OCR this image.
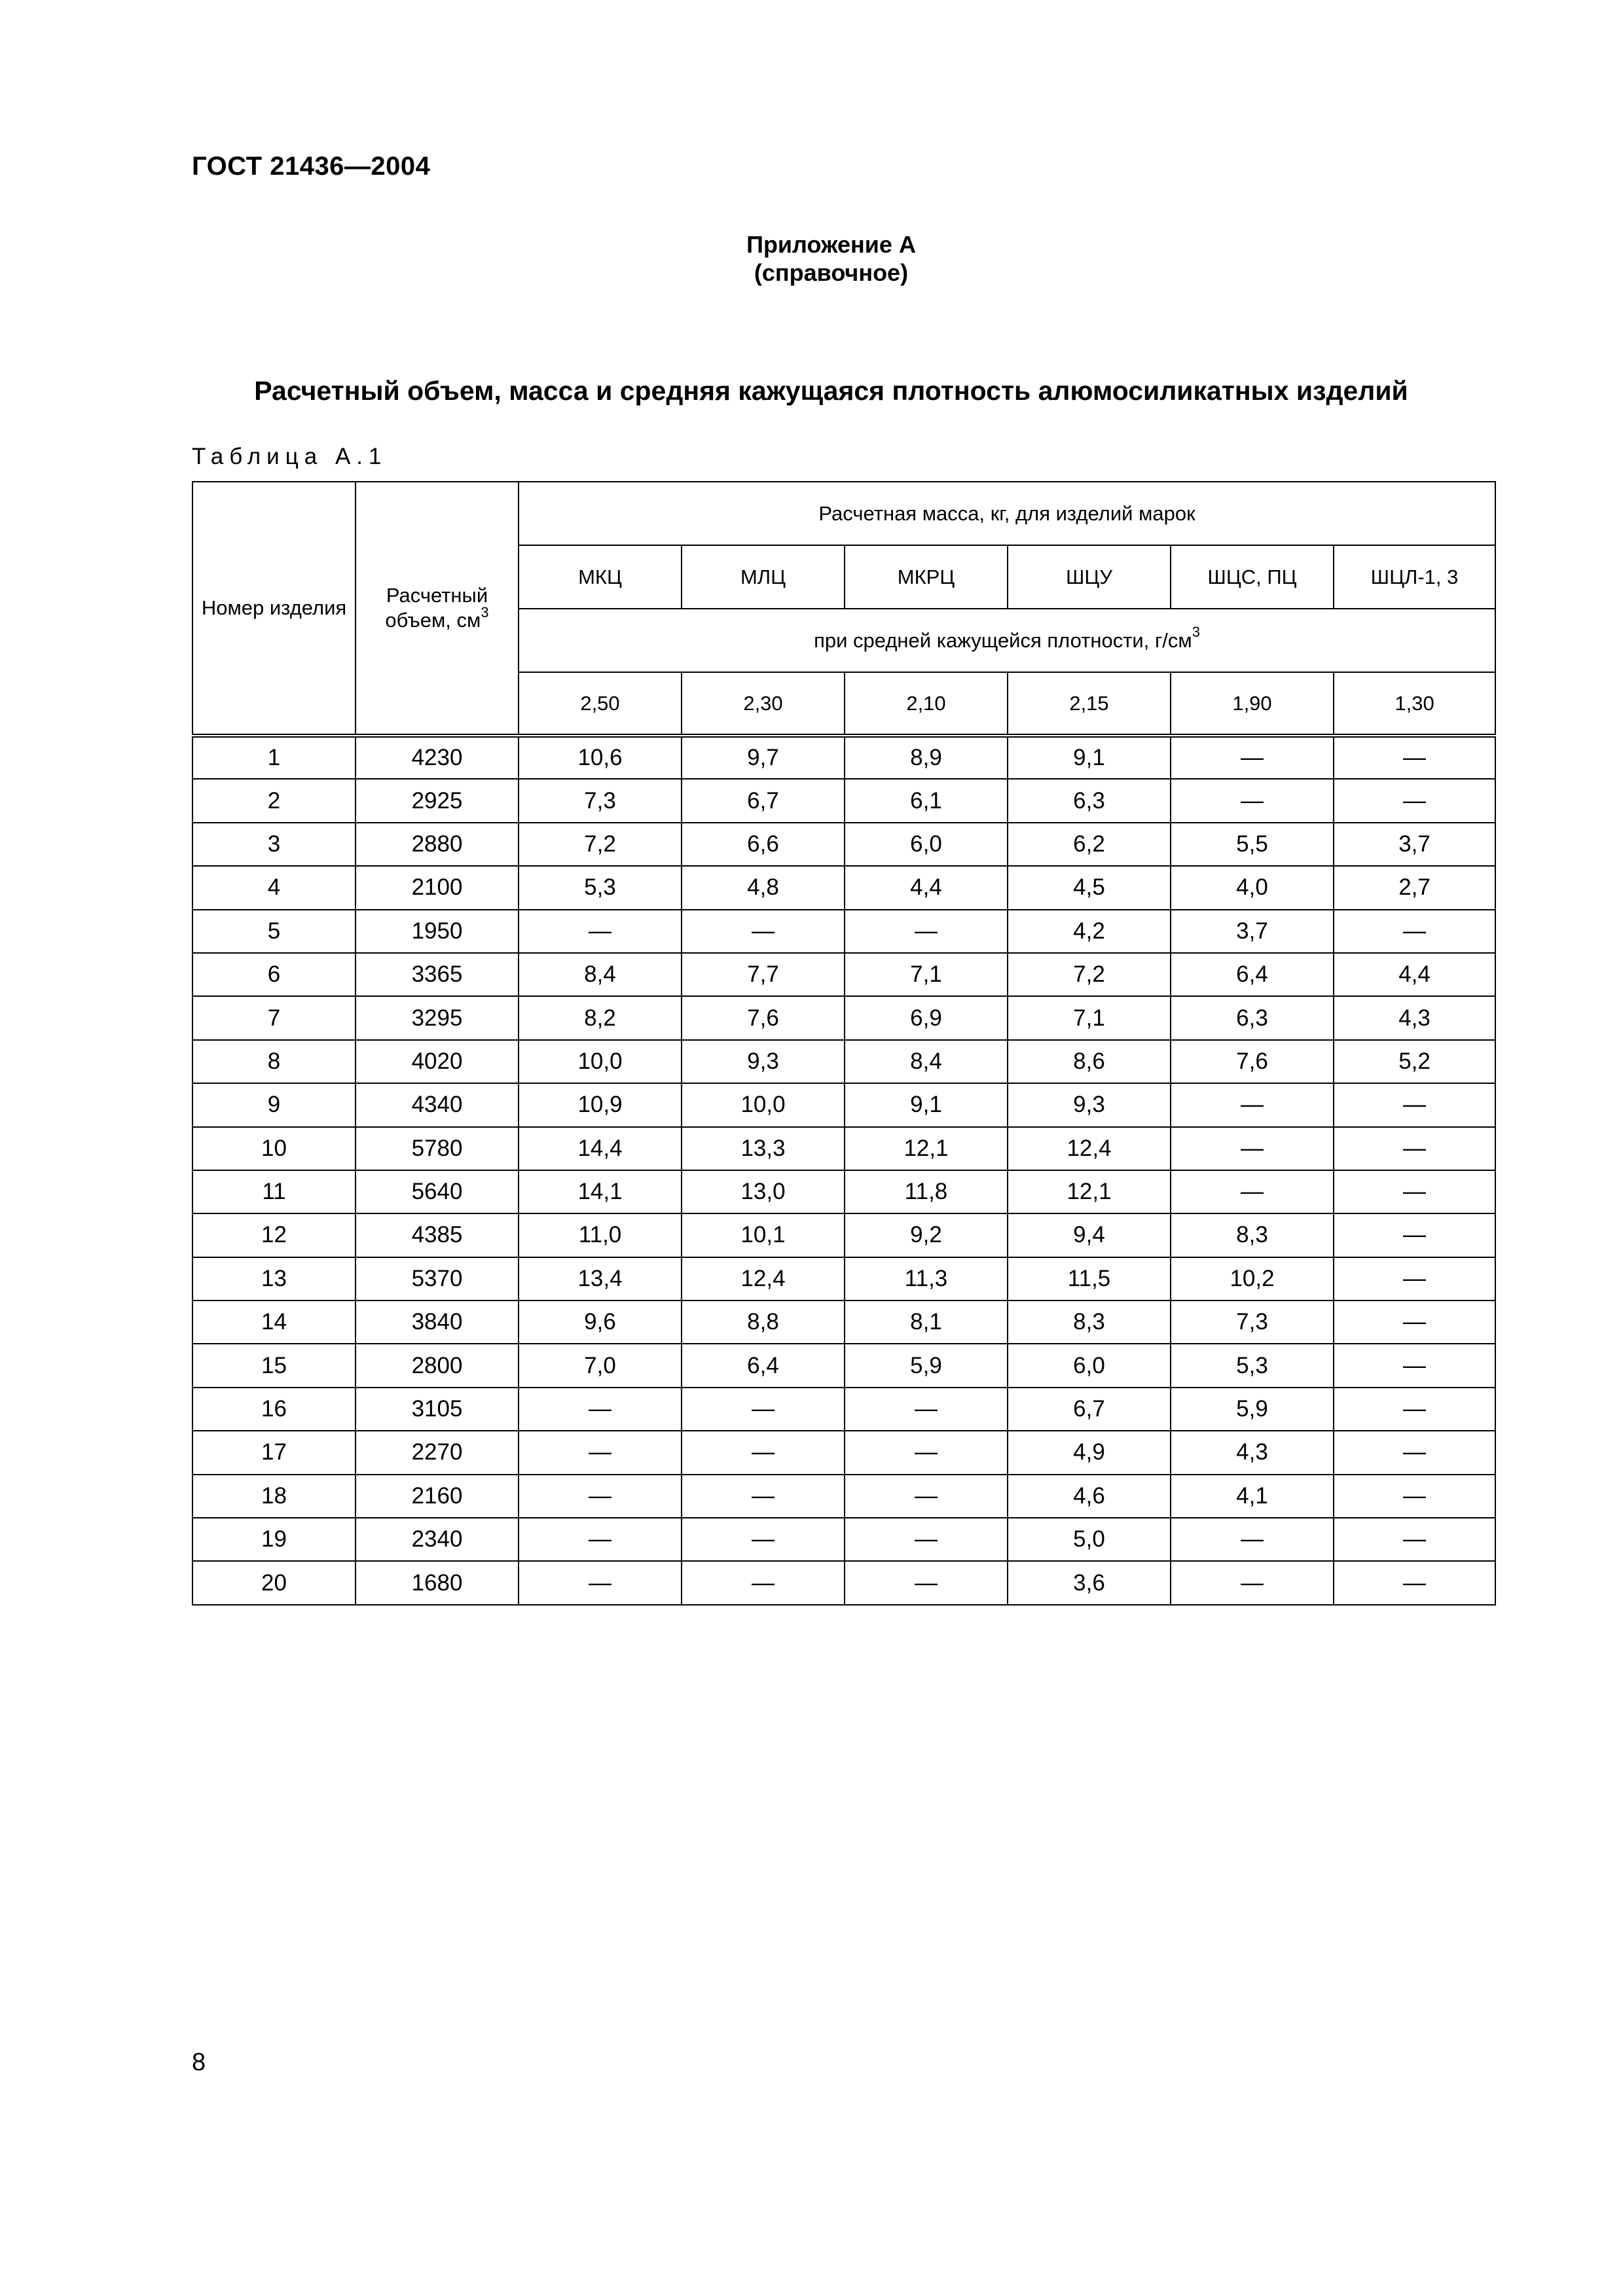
ГОСТ 21436—2004
Приложение А
(справочное)
Расчетный объем, масса и средняя кажущаяся плотность алюмосиликатных изделий
Таблица А.1
Номер изделия	Расчетный объем, $см^3$	Расчетная масса, кг, для изделий марок					
		МКЦ	МЛЦ	МКРЦ	ШЦУ	ШЦС, ПЦ	ШЦЛ-1, 3
		при средней кажущейся плотности, $г/см^3$
		2,50	2,30	2,10	2,15	1,90	1,30
1	4230	10,6	9,7	8,9	9,1	—	—
2	2925	7,3	6,7	6,1	6,3	—	—
3	2880	7,2	6,6	6,0	6,2	5,5	3,7
4	2100	5,3	4,8	4,4	4,5	4,0	2,7
5	1950	—	—	—	4,2	3,7	—
6	3365	8,4	7,7	7,1	7,2	6,4	4,4
7	3295	8,2	7,6	6,9	7,1	6,3	4,3
8	4020	10,0	9,3	8,4	8,6	7,6	5,2
9	4340	10,9	10,0	9,1	9,3	—	—
10	5780	14,4	13,3	12,1	12,4	—	—
11	5640	14,1	13,0	11,8	12,1	—	—
12	4385	11,0	10,1	9,2	9,4	8,3	—
13	5370	13,4	12,4	11,3	11,5	10,2	—
14	3840	9,6	8,8	8,1	8,3	7,3	—
15	2800	7,0	6,4	5,9	6,0	5,3	—
16	3105	—	—	—	6,7	5,9	—
17	2270	—	—	—	4,9	4,3	—
18	2160	—	—	—	4,6	4,1	—
19	2340	—	—	—	5,0	—	—
20	1680	—	—	—	3,6	—	—
8
